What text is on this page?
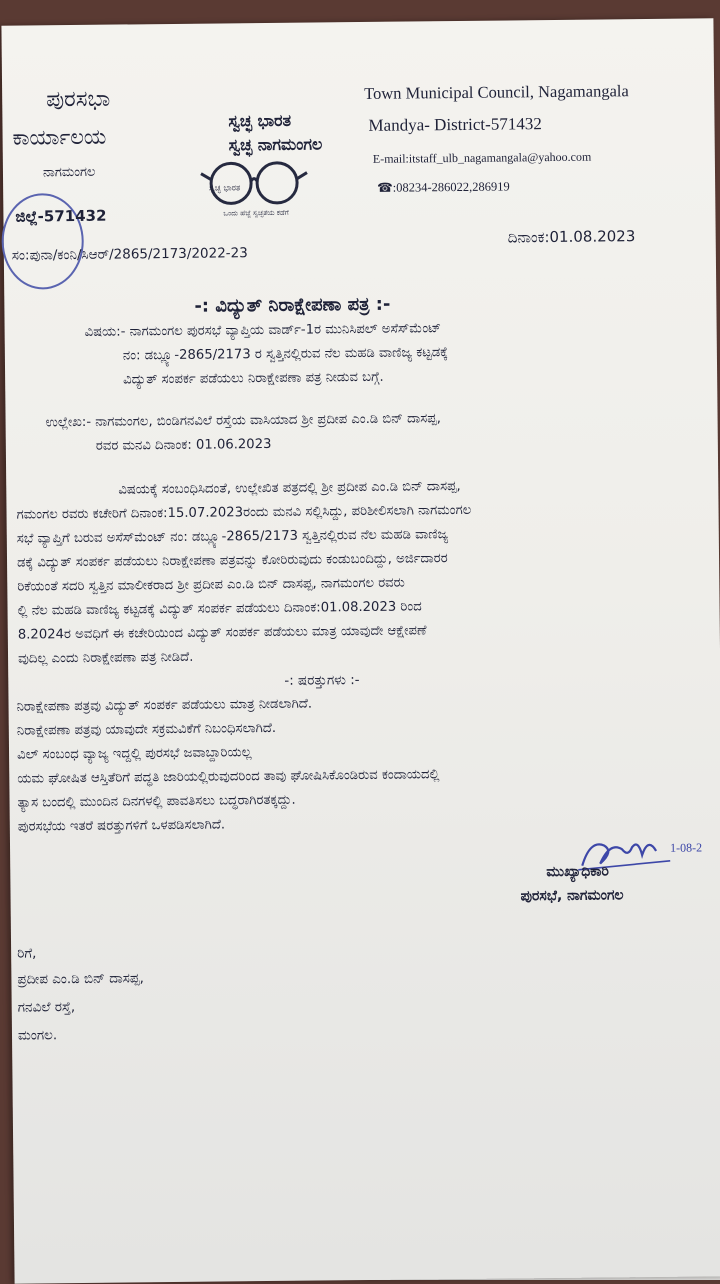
ಪುರಸಭಾ
ಕಾರ್ಯಾಲಯ
ನಾಗಮಂಗಲ
ಜಿಲ್ಲೆ-571432
ಸ್ವಚ್ಛ ಭಾರತ
ಸ್ವಚ್ಛ ನಾಗಮಂಗಲ
ಸ್ವಚ್ಛ ಭಾರತ
ಒಂದು ಹೆಜ್ಜೆ ಸ್ವಚ್ಛತೆಯ ಕಡೆಗೆ
Town Municipal Council, Nagamangala
Mandya- District-571432
E-mail:itstaff_ulb_nagamangala@yahoo.com
☎:08234-286022,286919
ಸಂ:ಪುನಾ/ಕಂನಿ/ಸಿಆರ್/2865/2173/2022-23
ದಿನಾಂಕ:01.08.2023
-: ವಿದ್ಯುತ್ ನಿರಾಕ್ಷೇಪಣಾ ಪತ್ರ :-
ವಿಷಯ:- ನಾಗಮಂಗಲ ಪುರಸಭೆ ವ್ಯಾಪ್ತಿಯ ವಾರ್ಡ್-1ರ ಮುನಿಸಿಪಲ್ ಅಸೆಸ್‌ಮೆಂಟ್
ನಂ: ಡಬ್ಲ್ಯೂ-2865/2173 ರ ಸ್ವತ್ತಿನಲ್ಲಿರುವ ನೆಲ ಮಹಡಿ ವಾಣಿಜ್ಯ ಕಟ್ಟಡಕ್ಕೆ
ವಿದ್ಯುತ್ ಸಂಪರ್ಕ ಪಡೆಯಲು ನಿರಾಕ್ಷೇಪಣಾ ಪತ್ರ ನೀಡುವ ಬಗ್ಗೆ.
ಉಲ್ಲೇಖ:- ನಾಗಮಂಗಲ, ಬಿಂಡಿಗನವಿಲೆ ರಸ್ತೆಯ ವಾಸಿಯಾದ ಶ್ರೀ ಪ್ರದೀಪ ಎಂ.ಡಿ ಬಿನ್ ದಾಸಪ್ಪ,
ರವರ ಮನವಿ ದಿನಾಂಕ: 01.06.2023
ವಿಷಯಕ್ಕೆ ಸಂಬಂಧಿಸಿದಂತೆ, ಉಲ್ಲೇಖಿತ ಪತ್ರದಲ್ಲಿ ಶ್ರೀ ಪ್ರದೀಪ ಎಂ.ಡಿ ಬಿನ್ ದಾಸಪ್ಪ,
ಗಮಂಗಲ ರವರು ಕಚೇರಿಗೆ ದಿನಾಂಕ:15.07.2023ರಂದು ಮನವಿ ಸಲ್ಲಿಸಿದ್ದು, ಪರಿಶೀಲಿಸಲಾಗಿ ನಾಗಮಂಗಲ
ಸಭೆ ವ್ಯಾಪ್ತಿಗೆ ಬರುವ ಅಸೆಸ್‌ಮೆಂಟ್ ನಂ: ಡಬ್ಲ್ಯೂ-2865/2173 ಸ್ವತ್ತಿನಲ್ಲಿರುವ ನೆಲ ಮಹಡಿ ವಾಣಿಜ್ಯ
ಡಕ್ಕೆ ವಿದ್ಯುತ್ ಸಂಪರ್ಕ ಪಡೆಯಲು ನಿರಾಕ್ಷೇಪಣಾ ಪತ್ರವನ್ನು ಕೋರಿರುವುದು ಕಂಡುಬಂದಿದ್ದು, ಅರ್ಜಿದಾರರ
ರಿಕೆಯಂತೆ ಸದರಿ ಸ್ವತ್ತಿನ ಮಾಲೀಕರಾದ ಶ್ರೀ ಪ್ರದೀಪ ಎಂ.ಡಿ ಬಿನ್ ದಾಸಪ್ಪ, ನಾಗಮಂಗಲ ರವರು
ಲ್ಲಿ ನೆಲ ಮಹಡಿ ವಾಣಿಜ್ಯ ಕಟ್ಟಡಕ್ಕೆ ವಿದ್ಯುತ್ ಸಂಪರ್ಕ ಪಡೆಯಲು ದಿನಾಂಕ:01.08.2023 ರಿಂದ
8.2024ರ ಅವಧಿಗೆ ಈ ಕಚೇರಿಯಿಂದ ವಿದ್ಯುತ್ ಸಂಪರ್ಕ ಪಡೆಯಲು ಮಾತ್ರ ಯಾವುದೇ ಆಕ್ಷೇಪಣೆ
ವುದಿಲ್ಲ ಎಂದು ನಿರಾಕ್ಷೇಪಣಾ ಪತ್ರ ನೀಡಿದೆ.
-: ಷರತ್ತುಗಳು :-
ನಿರಾಕ್ಷೇಪಣಾ ಪತ್ರವು ವಿದ್ಯುತ್ ಸಂಪರ್ಕ ಪಡೆಯಲು ಮಾತ್ರ ನೀಡಲಾಗಿದೆ.
ನಿರಾಕ್ಷೇಪಣಾ ಪತ್ರವು ಯಾವುದೇ ಸಕ್ರಮವಿಕೆಗೆ ನಿಬಂಧಿಸಲಾಗಿದೆ.
ವಿಲ್ ಸಂಬಂಧ ವ್ಯಾಜ್ಯ ಇದ್ದಲ್ಲಿ ಪುರಸಭೆ ಜವಾಬ್ದಾರಿಯಲ್ಲ
ಯಮ ಘೋಷಿತ ಆಸ್ತಿತೆರಿಗೆ ಪದ್ಧತಿ ಜಾರಿಯಲ್ಲಿರುವುದರಿಂದ ತಾವು ಘೋಷಿಸಿಕೊಂಡಿರುವ ಕಂದಾಯದಲ್ಲಿ
ತ್ಯಾಸ ಬಂದಲ್ಲಿ ಮುಂದಿನ ದಿನಗಳಲ್ಲಿ ಪಾವತಿಸಲು ಬದ್ಧರಾಗಿರತಕ್ಕದ್ದು.
ಪುರಸಭೆಯ ಇತರೆ ಷರತ್ತುಗಳಿಗೆ ಒಳಪಡಿಸಲಾಗಿದೆ.
1-08-2
ಮುಖ್ಯಾಧಿಕಾರಿ
ಪುರಸಭೆ, ನಾಗಮಂಗಲ
ರಿಗೆ,
ಪ್ರದೀಪ ಎಂ.ಡಿ ಬಿನ್ ದಾಸಪ್ಪ,
ಗನವಿಲೆ ರಸ್ತೆ,
ಮಂಗಲ.
